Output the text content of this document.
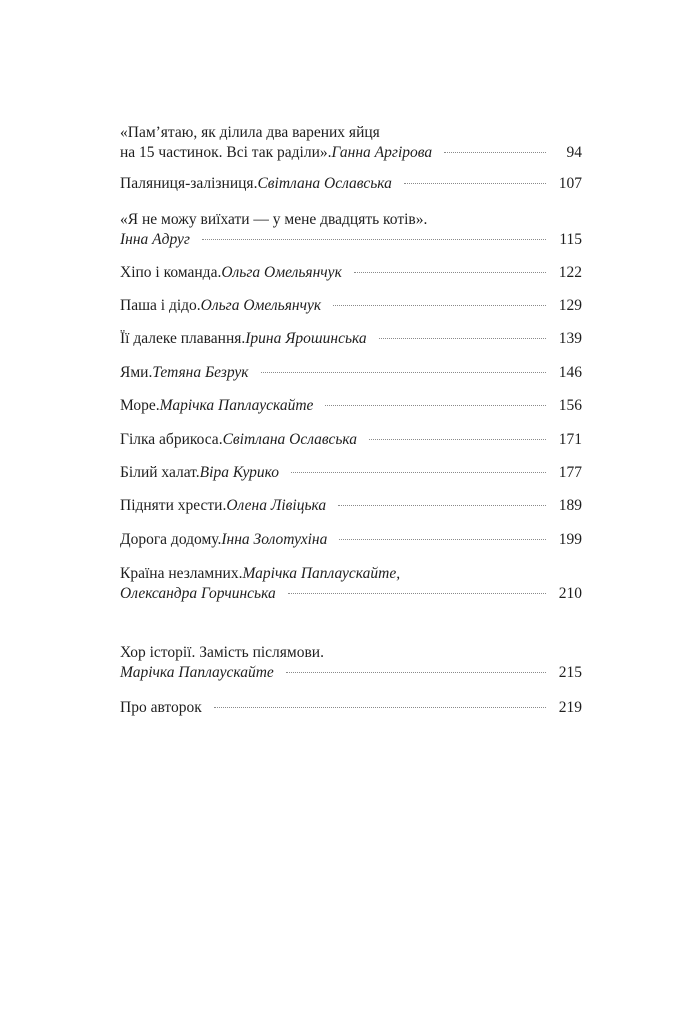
«Пам’ятаю, як ділила два варених яйця
на 15 частинок. Всі так раділи». Ганна Аргірова	94
Паляниця-залізниця. Світлана Ославська	107
«Я не можу виїхати — у мене двадцять котів».
Інна Адруг	115
Хіпо і команда. Ольга Омельянчук	122
Паша і дідо. Ольга Омельянчук	129
Її далеке плавання. Ірина Ярошинська	139
Ями. Тетяна Безрук	146
Море. Марічка Паплаускайте	156
Гілка абрикоса. Світлана Ославська	171
Білий халат. Віра Курико	177
Підняти хрести. Олена Лівіцька	189
Дорога додому. Інна Золотухіна	199
Країна незламних. Марічка Паплаускайте,
Олександра Горчинська	210
Хор історії. Замість післямови.
Марічка Паплаускайте	215
Про авторок	219
